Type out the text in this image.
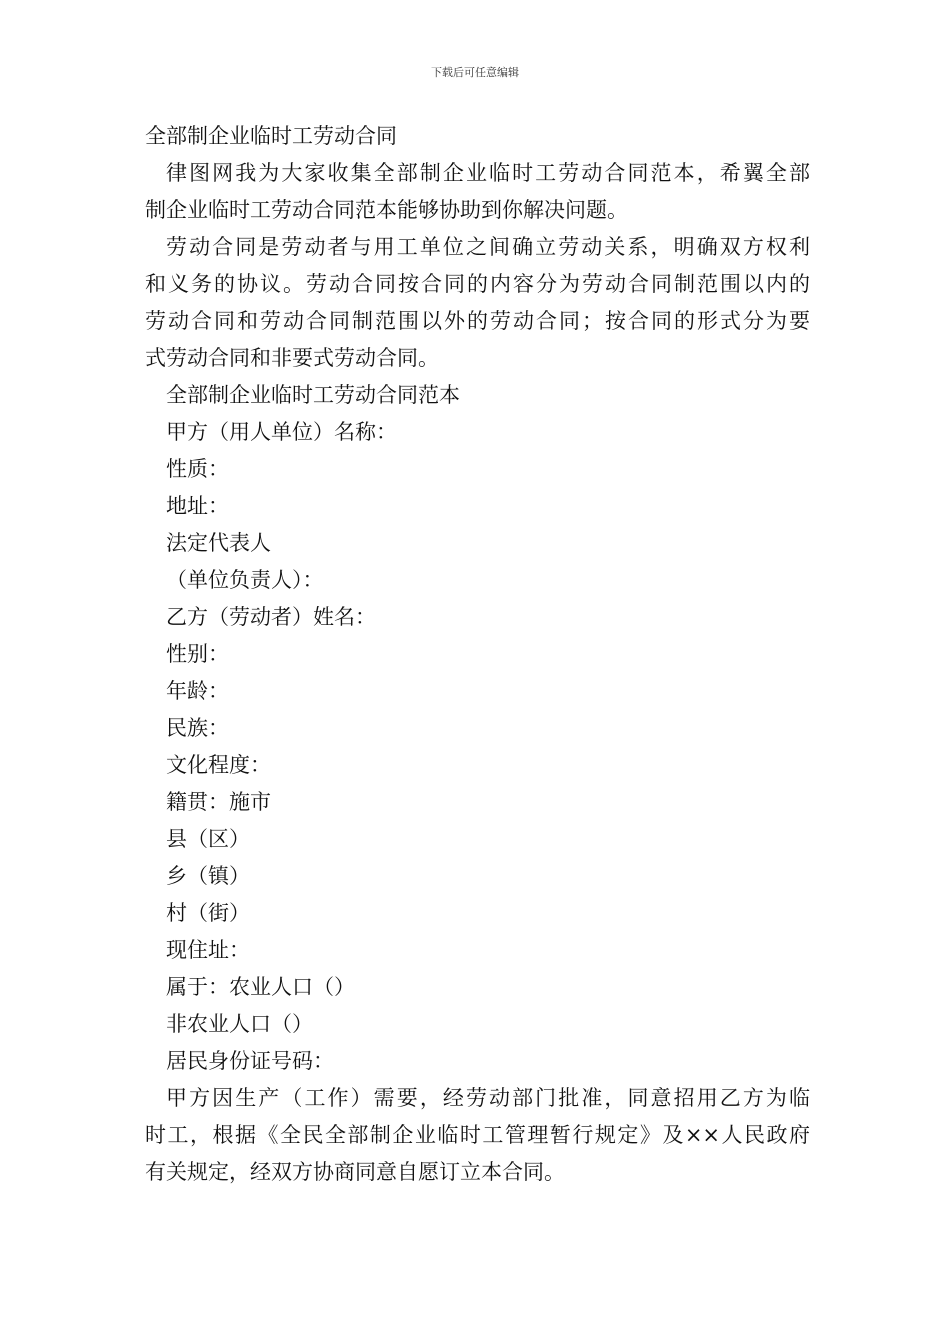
下载后可任意编辑
全部制企业临时工劳动合同
律图网我为大家收集全部制企业临时工劳动合同范本，希翼全部
制企业临时工劳动合同范本能够协助到你解决问题。
劳动合同是劳动者与用工单位之间确立劳动关系，明确双方权利
和义务的协议。劳动合同按合同的内容分为劳动合同制范围以内的
劳动合同和劳动合同制范围以外的劳动合同；按合同的形式分为要
式劳动合同和非要式劳动合同。
全部制企业临时工劳动合同范本
甲方（用人单位）名称：
性质：
地址：
法定代表人
（单位负责人）：
乙方（劳动者）姓名：
性别：
年龄：
民族：
文化程度：
籍贯：施市
县（区）
乡（镇）
村（街）
现住址：
属于：农业人口（）
非农业人口（）
居民身份证号码：
甲方因生产（工作）需要，经劳动部门批准，同意招用乙方为临
时工，根据《全民全部制企业临时工管理暂行规定》及××人民政府
有关规定，经双方协商同意自愿订立本合同。
